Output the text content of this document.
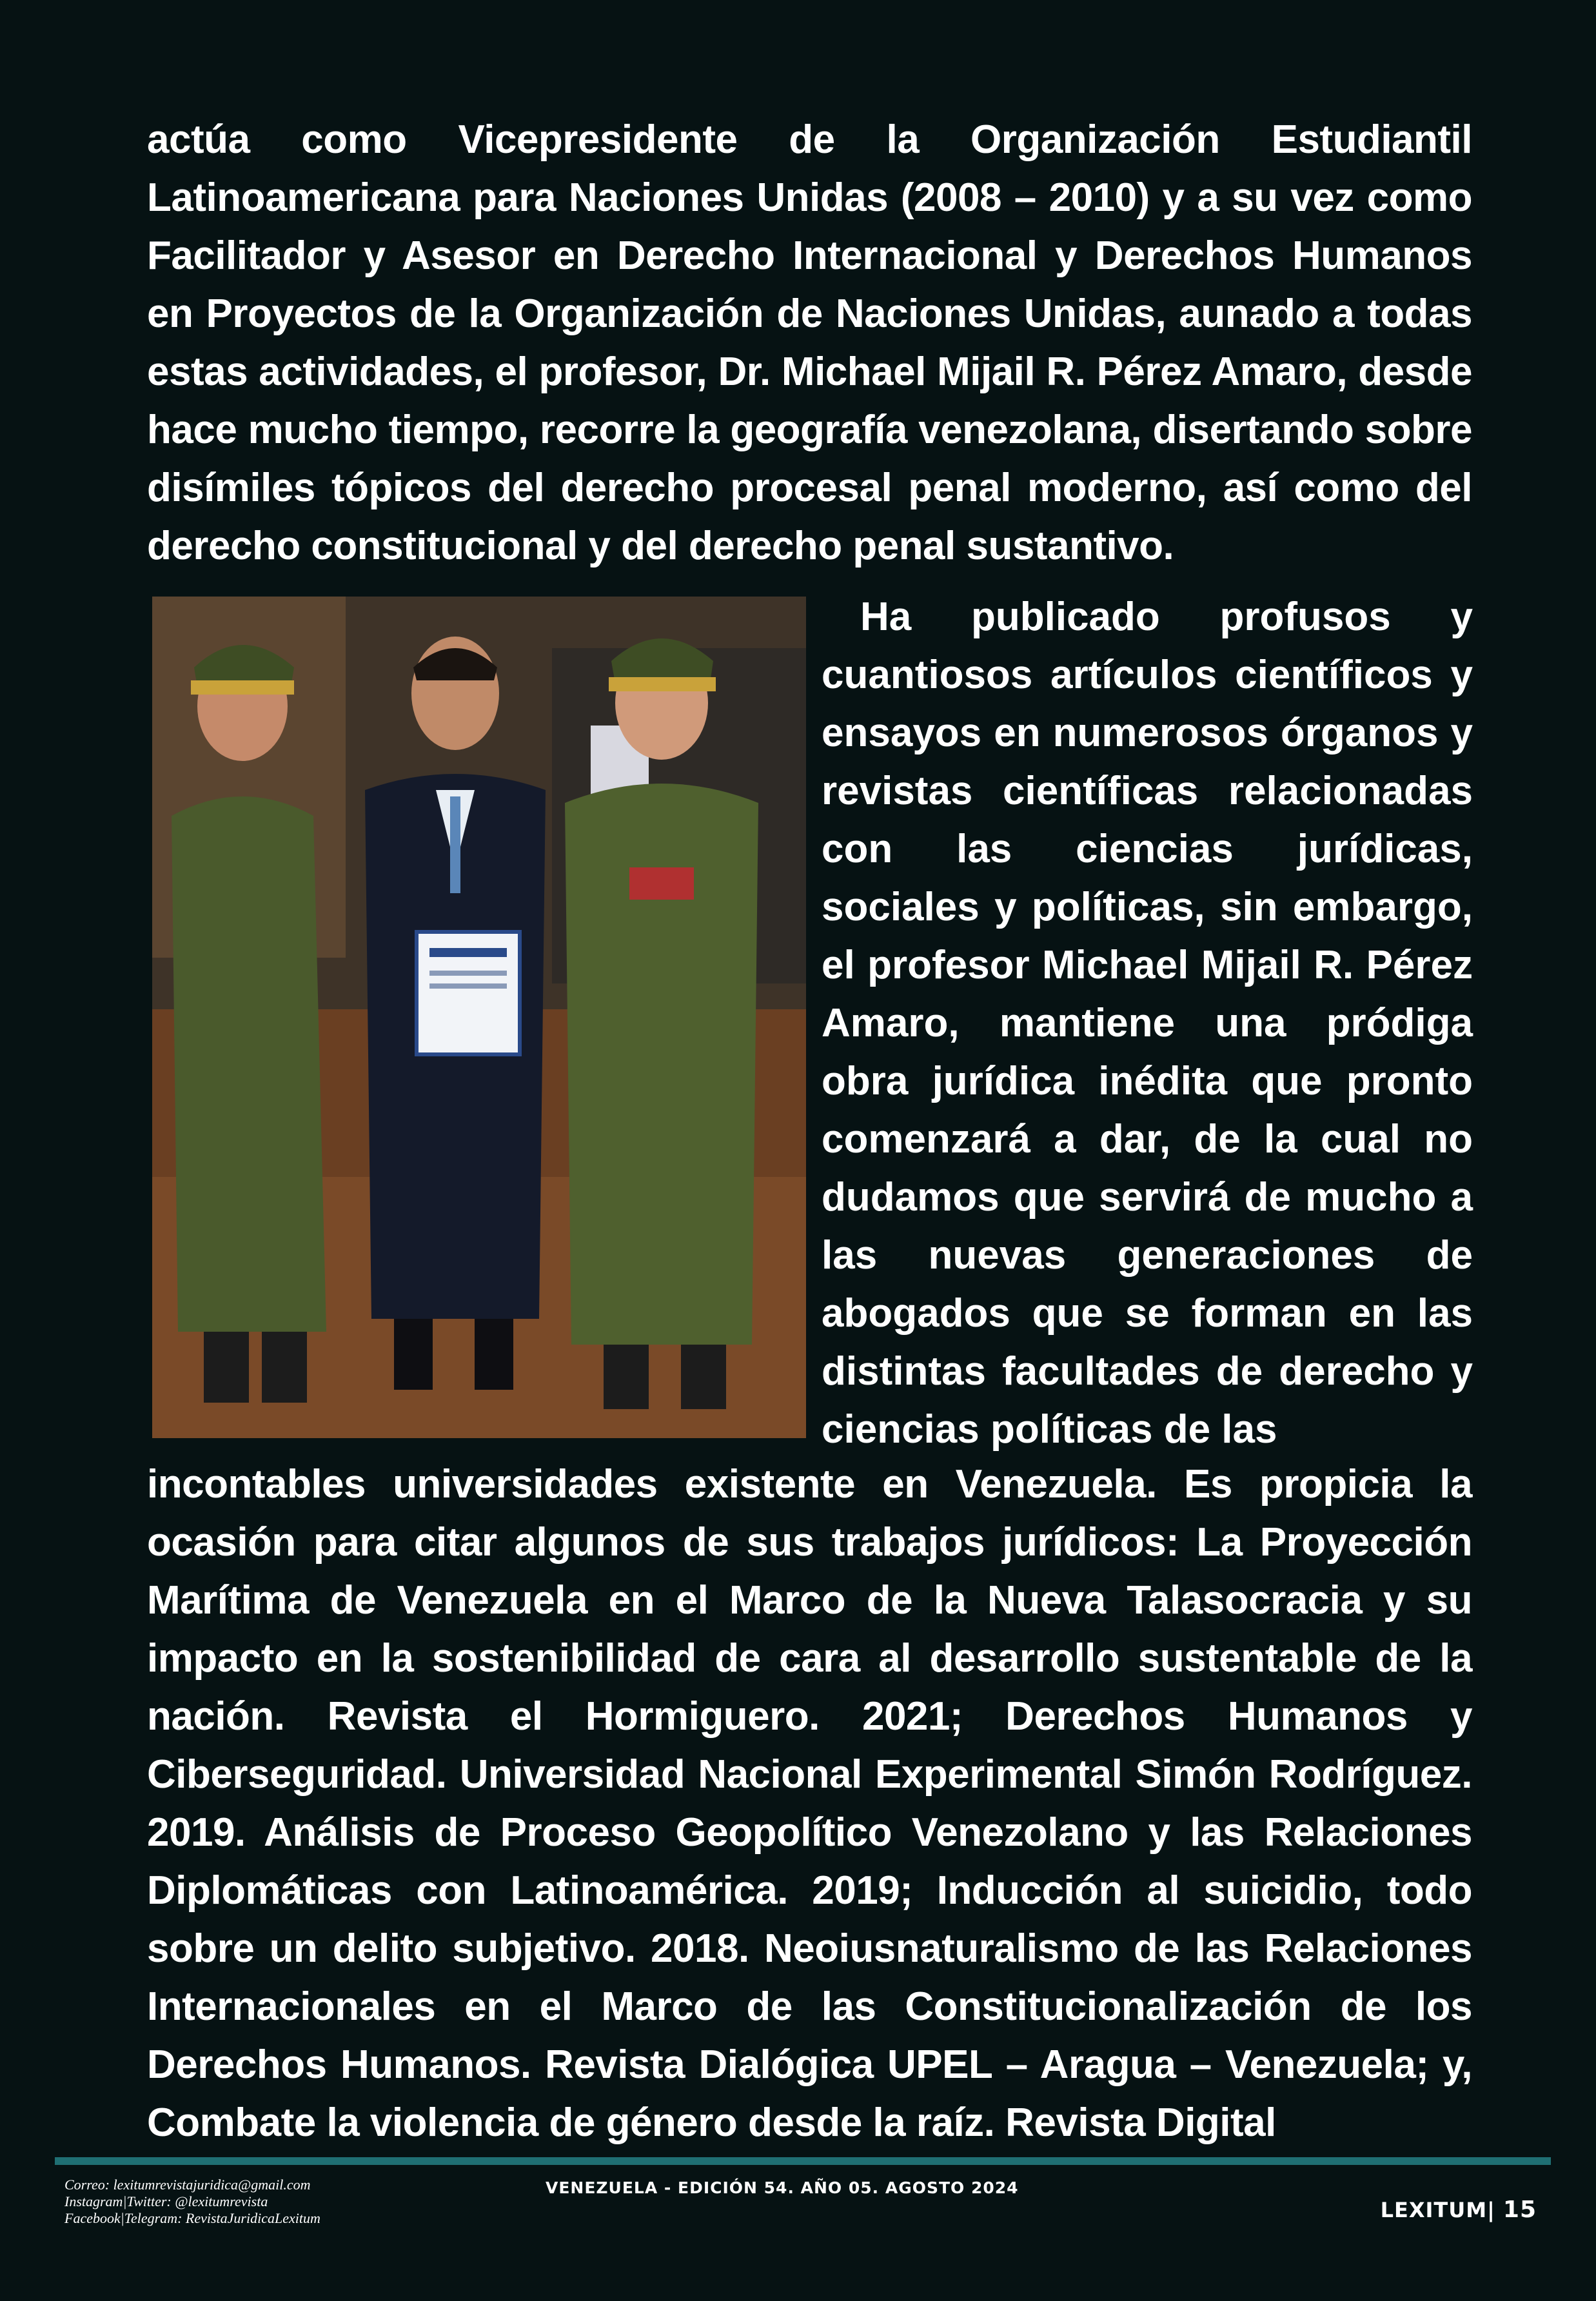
actúa como Vicepresidente de la Organización Estudiantil Latinoamericana para Naciones Unidas (2008 – 2010) y a su vez como Facilitador y Asesor en Derecho Internacional y Derechos Humanos en Proyectos de la Organización de Naciones Unidas, aunado a todas estas actividades, el profesor, Dr. Michael Mijail R. Pérez Amaro, desde hace mucho tiempo, recorre la geografía venezolana, disertando sobre disímiles tópicos del derecho procesal penal moderno, así como del derecho constitucional y del derecho penal sustantivo.

Ha publicado profusos y cuantiosos artículos científicos y ensayos en numerosos órganos y revistas científicas relacionadas con las ciencias jurídicas, sociales y políticas, sin embargo, el profesor Michael Mijail R. Pérez Amaro, mantiene una pródiga obra jurídica inédita que pronto comenzará a dar, de la cual no dudamos que servirá de mucho a las nuevas generaciones de abogados que se forman en las distintas facultades de derecho y ciencias políticas de las

incontables universidades existente en Venezuela. Es propicia la ocasión para citar algunos de sus trabajos jurídicos: La Proyección Marítima de Venezuela en el Marco de la Nueva Talasocracia y su impacto en la sostenibilidad de cara al desarrollo sustentable de la nación. Revista el Hormiguero. 2021; Derechos Humanos y Ciberseguridad. Universidad Nacional Experimental Simón Rodríguez. 2019. Análisis de Proceso Geopolítico Venezolano y las Relaciones Diplomáticas con Latinoamérica. 2019; Inducción al suicidio, todo sobre un delito subjetivo. 2018. Neoiusnaturalismo de las Relaciones Internacionales en el Marco de las Constitucionalización de los Derechos Humanos. Revista Dialógica UPEL – Aragua – Venezuela; y, Combate la violencia de género desde la raíz. Revista Digital

Correo: lexitumrevistajuridica@gmail.com
Instagram|Twitter: @lexitumrevista
Facebook|Telegram: RevistaJuridicaLexitum
VENEZUELA - EDICIÓN 54. AÑO 05. AGOSTO 2024
LEXITUM| 15
